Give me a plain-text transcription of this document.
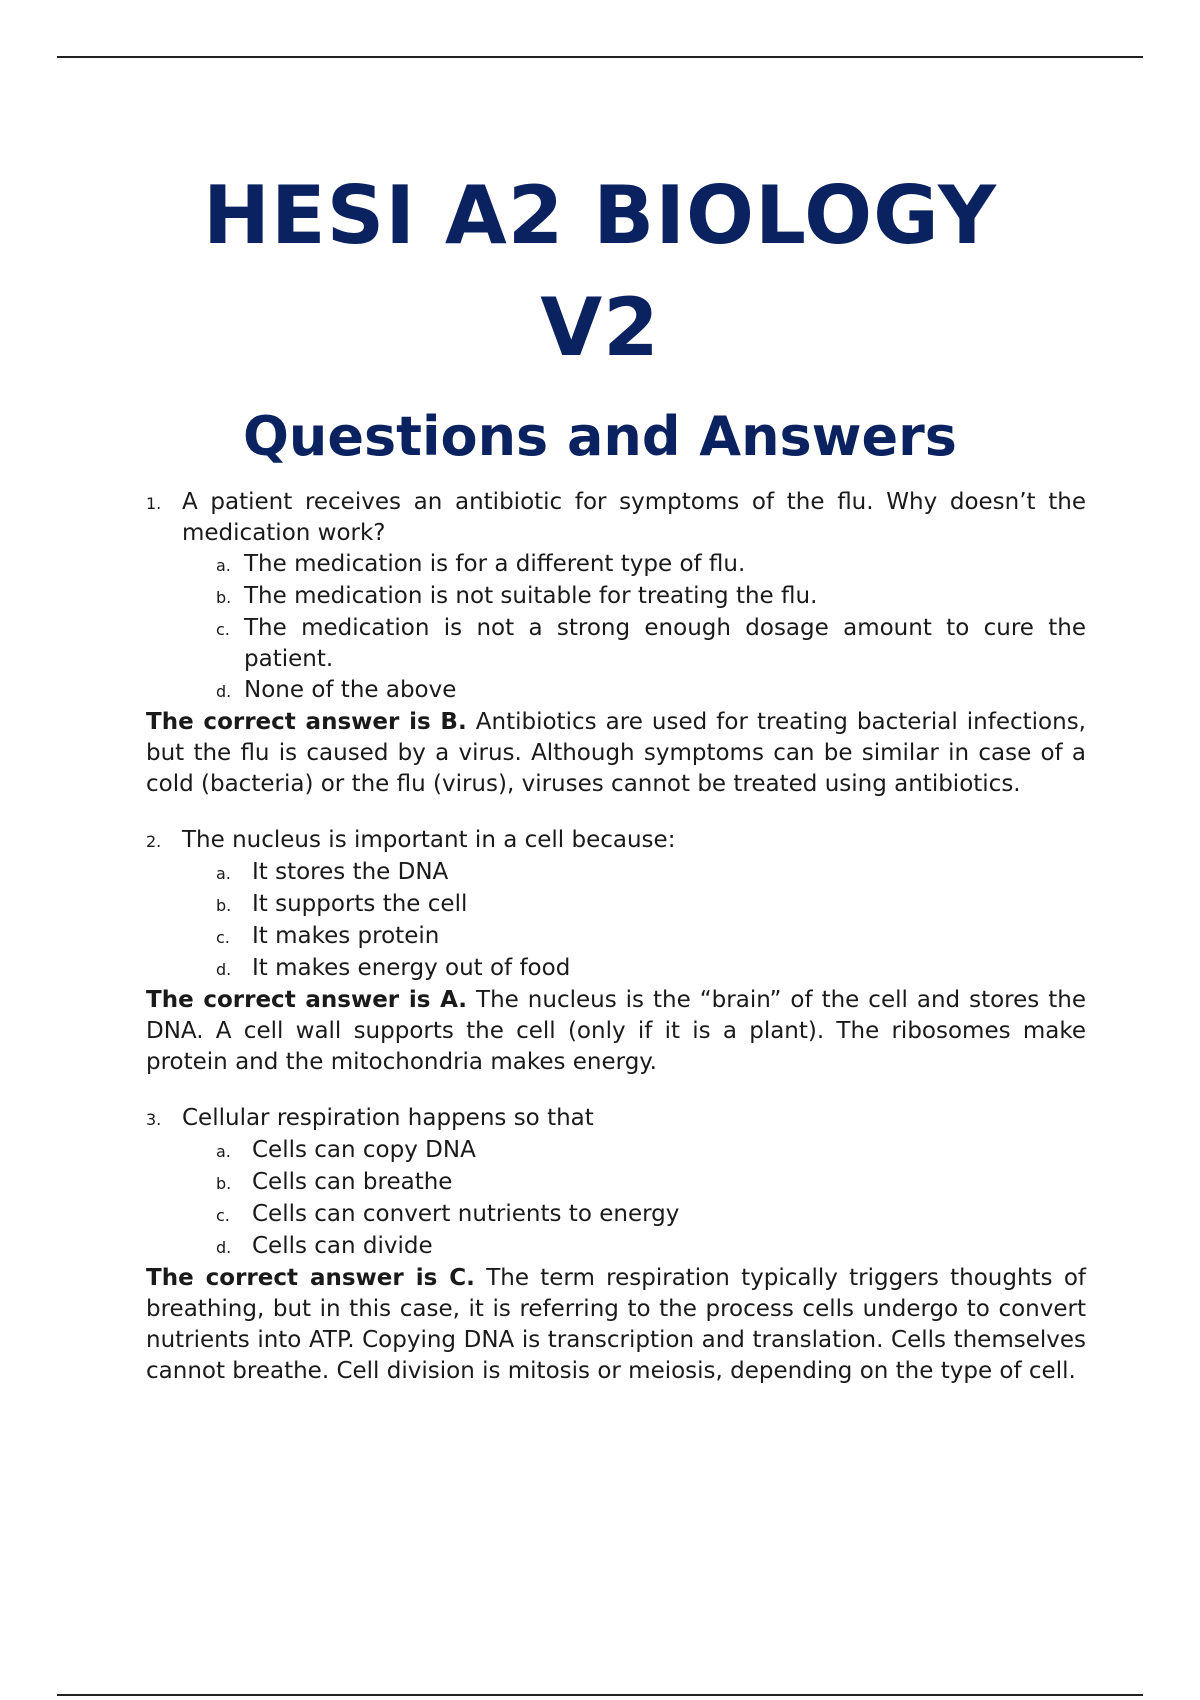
HESI A2 BIOLOGY
V2
Questions and Answers
1. A patient receives an antibiotic for symptoms of the flu. Why doesn’t the medication work?
a. The medication is for a different type of flu.
b. The medication is not suitable for treating the flu.
c. The medication is not a strong enough dosage amount to cure the patient.
d. None of the above

The correct answer is B. Antibiotics are used for treating bacterial infections, but the flu is caused by a virus. Although symptoms can be similar in case of a cold (bacteria) or the flu (virus), viruses cannot be treated using antibiotics.

2. The nucleus is important in a cell because:
a. It stores the DNA
b. It supports the cell
c. It makes protein
d. It makes energy out of food

The correct answer is A. The nucleus is the “brain” of the cell and stores the DNA. A cell wall supports the cell (only if it is a plant). The ribosomes make protein and the mitochondria makes energy.

3. Cellular respiration happens so that
a. Cells can copy DNA
b. Cells can breathe
c. Cells can convert nutrients to energy
d. Cells can divide

The correct answer is C. The term respiration typically triggers thoughts of breathing, but in this case, it is referring to the process cells undergo to convert nutrients into ATP. Copying DNA is transcription and translation. Cells themselves cannot breathe. Cell division is mitosis or meiosis, depending on the type of cell.
